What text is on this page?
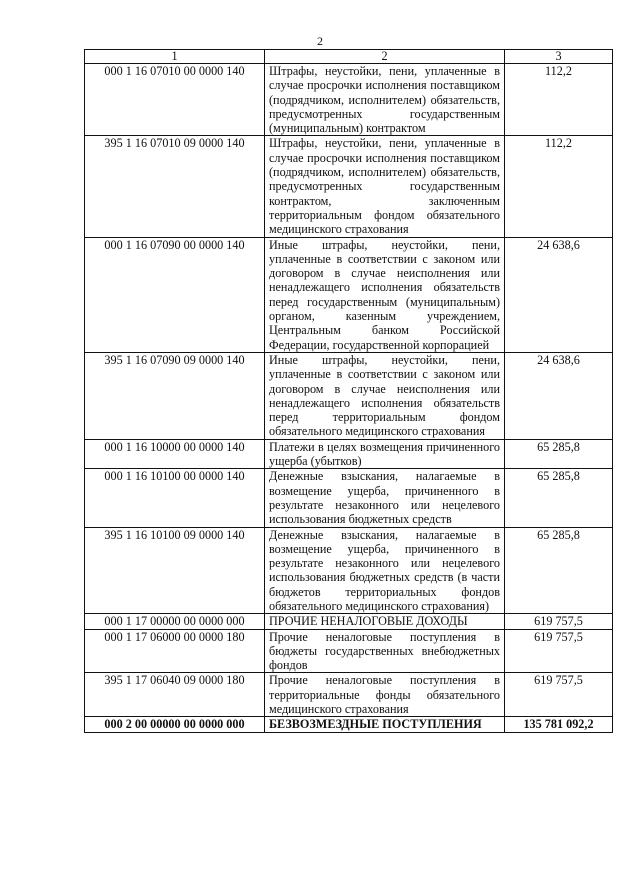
2
1	2	3
000 1 16 07010 00 0000 140	Штрафы, неустойки, пени, уплаченные в случае просрочки исполнения поставщиком (подрядчиком, исполнителем) обязательств, предусмотренных государственным (муниципальным) контрактом	112,2
395 1 16 07010 09 0000 140	Штрафы, неустойки, пени, уплаченные в случае просрочки исполнения поставщиком (подрядчиком, исполнителем) обязательств, предусмотренных государственным контрактом, заключенным территориальным фондом обязательного медицинского страхования	112,2
000 1 16 07090 00 0000 140	Иные штрафы, неустойки, пени, уплаченные в соответствии с законом или договором в случае неисполнения или ненадлежащего исполнения обязательств перед государственным (муниципальным) органом, казенным учреждением, Центральным банком Российской Федерации, государственной корпорацией	24 638,6
395 1 16 07090 09 0000 140	Иные штрафы, неустойки, пени, уплаченные в соответствии с законом или договором в случае неисполнения или ненадлежащего исполнения обязательств перед территориальным фондом обязательного медицинского страхования	24 638,6
000 1 16 10000 00 0000 140	Платежи в целях возмещения причиненного ущерба (убытков)	65 285,8
000 1 16 10100 00 0000 140	Денежные взыскания, налагаемые в возмещение ущерба, причиненного в результате незаконного или нецелевого использования бюджетных средств	65 285,8
395 1 16 10100 09 0000 140	Денежные взыскания, налагаемые в возмещение ущерба, причиненного в результате незаконного или нецелевого использования бюджетных средств (в части бюджетов территориальных фондов обязательного медицинского страхования)	65 285,8
000 1 17 00000 00 0000 000	ПРОЧИЕ НЕНАЛОГОВЫЕ ДОХОДЫ	619 757,5
000 1 17 06000 00 0000 180	Прочие неналоговые поступления в бюджеты государственных внебюджетных фондов	619 757,5
395 1 17 06040 09 0000 180	Прочие неналоговые поступления в территориальные фонды обязательного медицинского страхования	619 757,5
000 2 00 00000 00 0000 000	БЕЗВОЗМЕЗДНЫЕ ПОСТУПЛЕНИЯ	135 781 092,2
